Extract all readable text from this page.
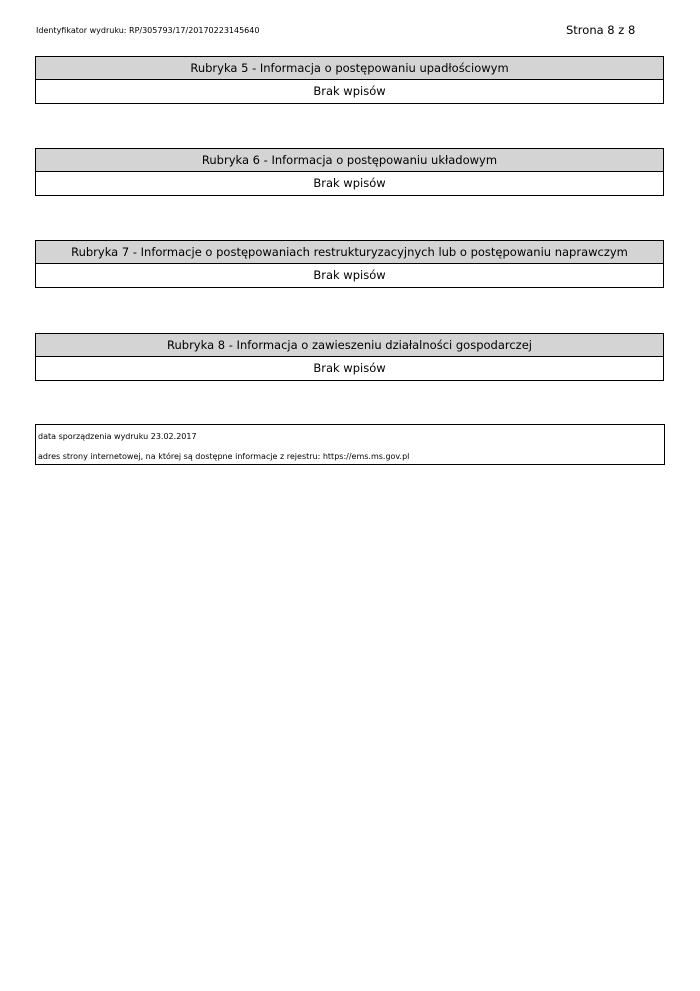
Identyfikator wydruku: RP/305793/17/20170223145640	Strona 8 z 8
Rubryka 5 - Informacja o postępowaniu upadłościowym
Brak wpisów
Rubryka 6 - Informacja o postępowaniu układowym
Brak wpisów
Rubryka 7 - Informacje o postępowaniach restrukturyzacyjnych lub o postępowaniu naprawczym
Brak wpisów
Rubryka 8 - Informacja o zawieszeniu działalności gospodarczej
Brak wpisów
data sporządzenia wydruku 23.02.2017
adres strony internetowej, na której są dostępne informacje z rejestru: https://ems.ms.gov.pl
